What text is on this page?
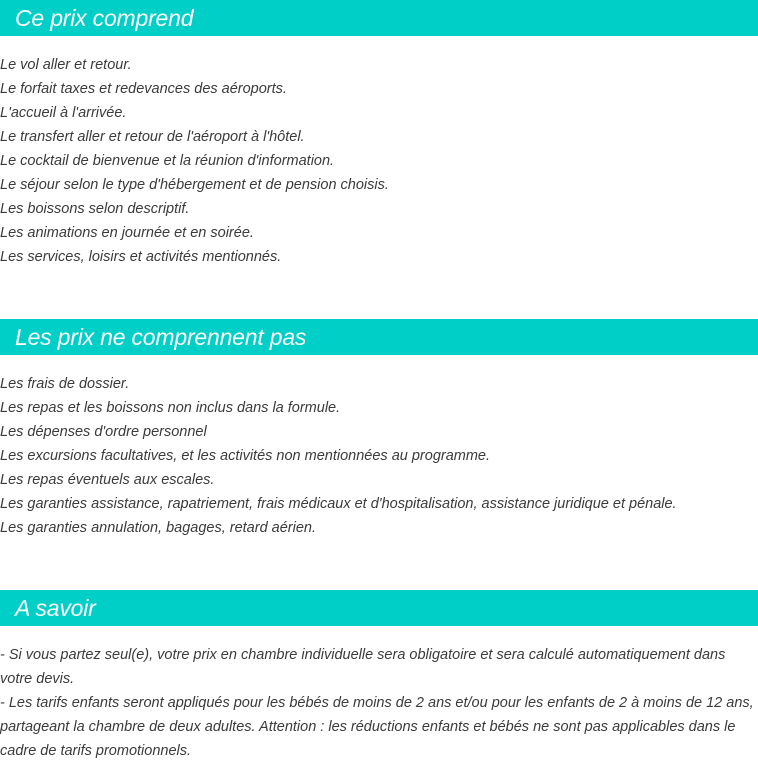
Ce prix comprend
Le vol aller et retour.
Le forfait taxes et redevances des aéroports.
L'accueil à l'arrivée.
Le transfert aller et retour de l'aéroport à l'hôtel.
Le cocktail de bienvenue et la réunion d'information.
Le séjour selon le type d'hébergement et de pension choisis.
Les boissons selon descriptif.
Les animations en journée et en soirée.
Les services, loisirs et activités mentionnés.
Les prix ne comprennent pas
Les frais de dossier.
Les repas et les boissons non inclus dans la formule.
Les dépenses d'ordre personnel
Les excursions facultatives, et les activités non mentionnées au programme.
Les repas éventuels aux escales.
Les garanties assistance, rapatriement, frais médicaux et d'hospitalisation, assistance juridique et pénale.
Les garanties annulation, bagages, retard aérien.
A savoir

- Si vous partez seul(e), votre prix en chambre individuelle sera obligatoire et sera calculé automatiquement dans votre devis.

- Les tarifs enfants seront appliqués pour les bébés de moins de 2 ans et/ou pour les enfants de 2 à moins de 12 ans, partageant la chambre de deux adultes. Attention : les réductions enfants et bébés ne sont pas applicables dans le cadre de tarifs promotionnels.
